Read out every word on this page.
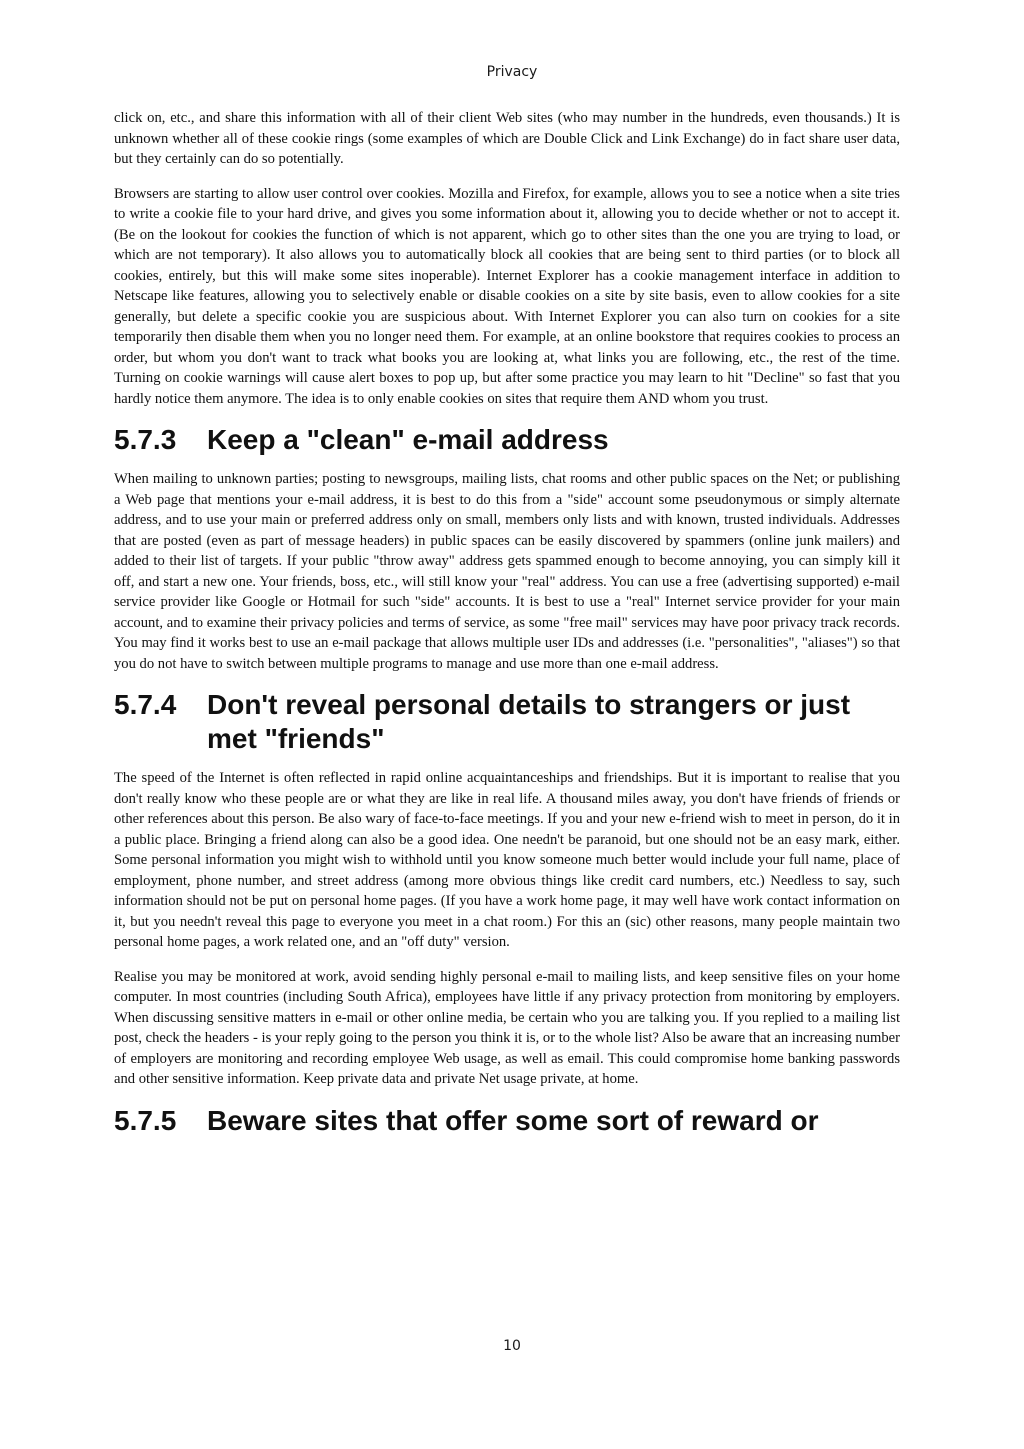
Privacy

click on, etc., and share this information with all of their client Web sites (who may number in the hundreds, even thousands.) It is unknown whether all of these cookie rings (some examples of which are Double Click and Link Exchange) do in fact share user data, but they certainly can do so potentially.

Browsers are starting to allow user control over cookies. Mozilla and Firefox, for example, allows you to see a notice when a site tries to write a cookie file to your hard drive, and gives you some information about it, allowing you to decide whether or not to accept it. (Be on the lookout for cookies the function of which is not apparent, which go to other sites than the one you are trying to load, or which are not temporary). It also allows you to automatically block all cookies that are being sent to third parties (or to block all cookies, entirely, but this will make some sites inoperable). Internet Explorer has a cookie management interface in addition to Netscape like features, allowing you to selectively enable or disable cookies on a site by site basis, even to allow cookies for a site generally, but delete a specific cookie you are suspicious about. With Internet Explorer you can also turn on cookies for a site temporarily then disable them when you no longer need them. For example, at an online bookstore that requires cookies to process an order, but whom you don't want to track what books you are looking at, what links you are following, etc., the rest of the time. Turning on cookie warnings will cause alert boxes to pop up, but after some practice you may learn to hit "Decline" so fast that you hardly notice them anymore. The idea is to only enable cookies on sites that require them AND whom you trust.

5.7.3	Keep a "clean" e-mail address

When mailing to unknown parties; posting to newsgroups, mailing lists, chat rooms and other public spaces on the Net; or publishing a Web page that mentions your e-mail address, it is best to do this from a "side" account some pseudonymous or simply alternate address, and to use your main or preferred address only on small, members only lists and with known, trusted individuals. Addresses that are posted (even as part of message headers) in public spaces can be easily discovered by spammers (online junk mailers) and added to their list of targets. If your public "throw away" address gets spammed enough to become annoying, you can simply kill it off, and start a new one. Your friends, boss, etc., will still know your "real" address. You can use a free (advertising supported) e-mail service provider like Google or Hotmail for such "side" accounts. It is best to use a "real" Internet service provider for your main account, and to examine their privacy policies and terms of service, as some "free mail" services may have poor privacy track records. You may find it works best to use an e-mail package that allows multiple user IDs and addresses (i.e. "personalities", "aliases") so that you do not have to switch between multiple programs to manage and use more than one e-mail address.

5.7.4	Don't reveal personal details to strangers or just met "friends"

The speed of the Internet is often reflected in rapid online acquaintanceships and friendships. But it is important to realise that you don't really know who these people are or what they are like in real life. A thousand miles away, you don't have friends of friends or other references about this person. Be also wary of face-to-face meetings. If you and your new e-friend wish to meet in person, do it in a public place. Bringing a friend along can also be a good idea. One needn't be paranoid, but one should not be an easy mark, either. Some personal information you might wish to withhold until you know someone much better would include your full name, place of employment, phone number, and street address (among more obvious things like credit card numbers, etc.) Needless to say, such information should not be put on personal home pages. (If you have a work home page, it may well have work contact information on it, but you needn't reveal this page to everyone you meet in a chat room.) For this an (sic) other reasons, many people maintain two personal home pages, a work related one, and an "off duty" version.

Realise you may be monitored at work, avoid sending highly personal e-mail to mailing lists, and keep sensitive files on your home computer. In most countries (including South Africa), employees have little if any privacy protection from monitoring by employers. When discussing sensitive matters in e-mail or other online media, be certain who you are talking you. If you replied to a mailing list post, check the headers - is your reply going to the person you think it is, or to the whole list? Also be aware that an increasing number of employers are monitoring and recording employee Web usage, as well as email. This could compromise home banking passwords and other sensitive information. Keep private data and private Net usage private, at home.

5.7.5	Beware sites that offer some sort of reward or
10
